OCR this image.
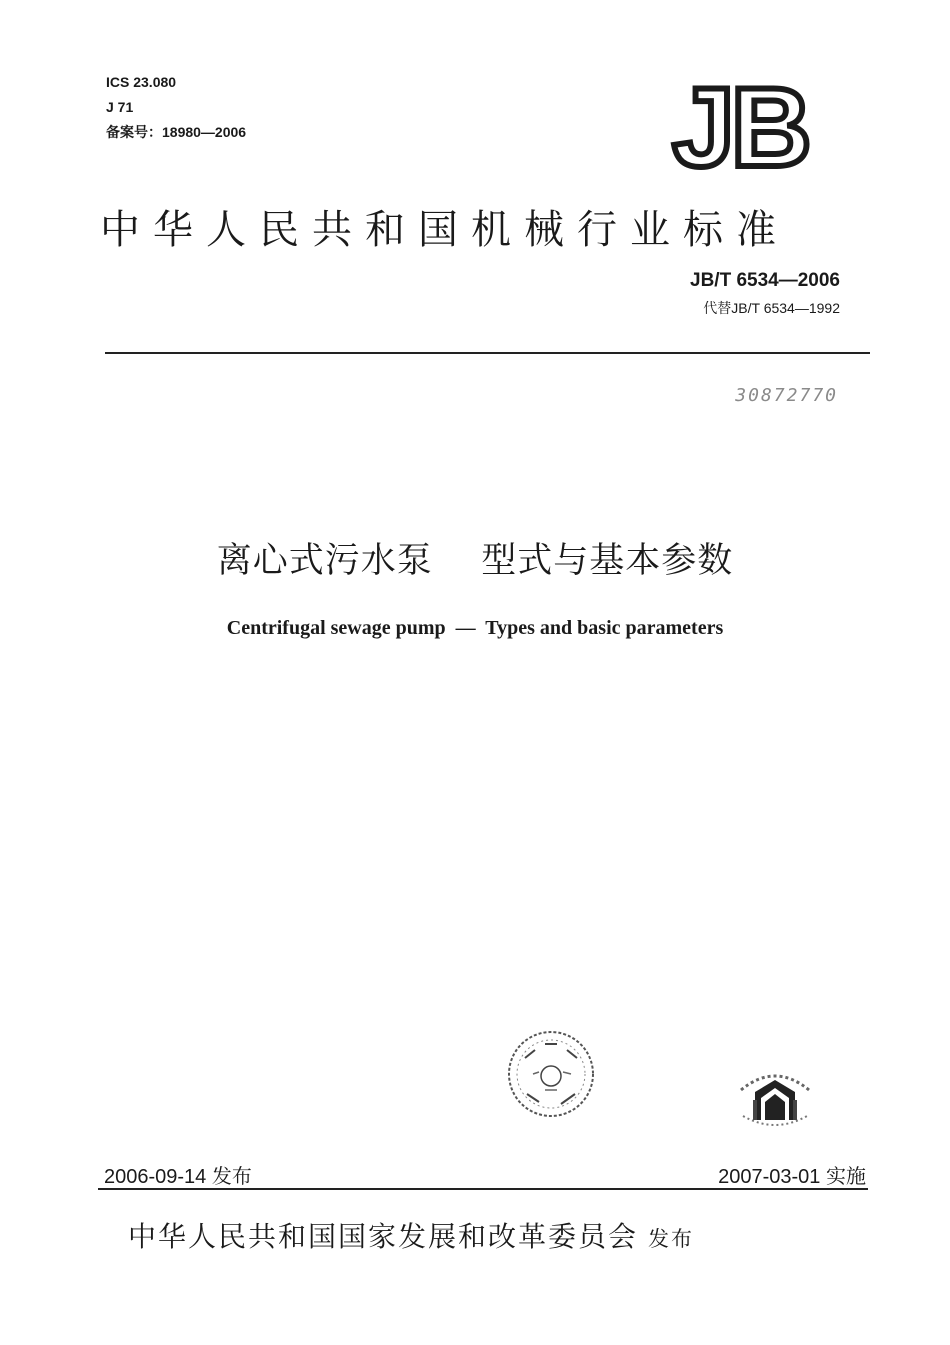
ICS 23.080
J 71
备案号：18980—2006	JB
中华人民共和国机械行业标准
JB/T 6534—2006
代替JB/T 6534—1992
30872770
离心式污水泵    型式与基本参数
Centrifugal sewage pump  —  Types and basic parameters
2006-09-14 发布	2007-03-01 实施
中华人民共和国国家发展和改革委员会 发布
